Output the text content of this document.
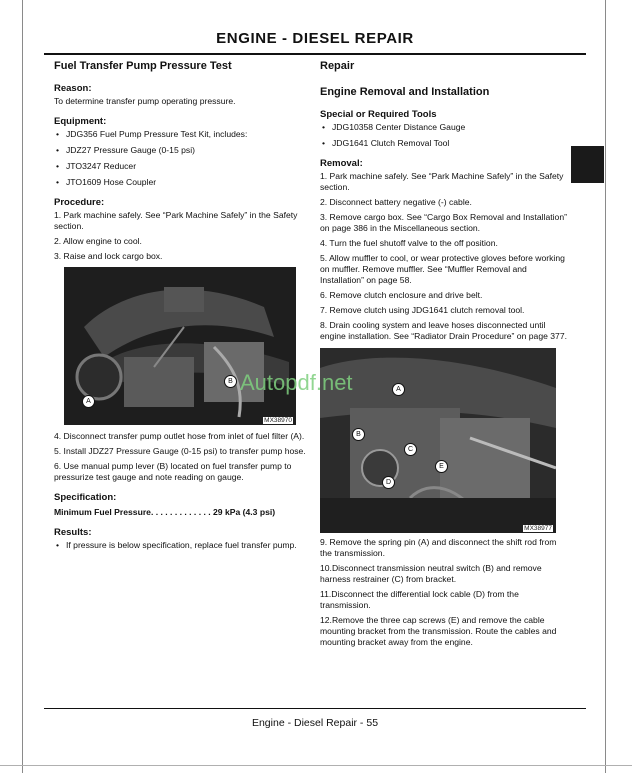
ENGINE - DIESEL REPAIR
Fuel Transfer Pump Pressure Test
Reason:
To determine transfer pump operating pressure.
Equipment:
• JDG356 Fuel Pump Pressure Test Kit, includes:
• JDZ27 Pressure Gauge (0-15 psi)
• JTO3247 Reducer
• JTO1609 Hose Coupler
Procedure:
1. Park machine safely. See “Park Machine Safely” in the Safety section.
2. Allow engine to cool.
3. Raise and lock cargo box.
A
B
MX38970
4. Disconnect transfer pump outlet hose from inlet of fuel filter (A).
5. Install JDZ27 Pressure Gauge (0-15 psi) to transfer pump hose.
6. Use manual pump lever (B) located on fuel transfer pump to pressurize test gauge and note reading on gauge.
Specification:
Minimum Fuel Pressure. . . . . . . . . . . . . 29 kPa (4.3 psi)
Results:
• If pressure is below specification, replace fuel transfer pump.
Repair
Engine Removal and Installation
Special or Required Tools
• JDG10358 Center Distance Gauge
• JDG1641 Clutch Removal Tool
Removal:
1. Park machine safely. See “Park Machine Safely” in the Safety section.
2. Disconnect battery negative (-) cable.
3. Remove cargo box. See “Cargo Box Removal and Installation” on page 386 in the Miscellaneous section.
4. Turn the fuel shutoff valve to the off position.
5. Allow muffler to cool, or wear protective gloves before working on muffler. Remove muffler. See “Muffler Removal and Installation” on page 58.
6. Remove clutch enclosure and drive belt.
7. Remove clutch using JDG1641 clutch removal tool.
8. Drain cooling system and leave hoses disconnected until engine installation. See “Radiator Drain Procedure” on page 377.
A
B
C
E
D
MX38977
9. Remove the spring pin (A) and disconnect the shift rod from the transmission.
10.Disconnect transmission neutral switch (B) and remove harness restrainer (C) from bracket.
11.Disconnect the differential lock cable (D) from the transmission.
12.Remove the three cap screws (E) and remove the cable mounting bracket from the transmission. Route the cables and mounting bracket away from the engine.
Autopdf.net
Engine - Diesel Repair - 55
